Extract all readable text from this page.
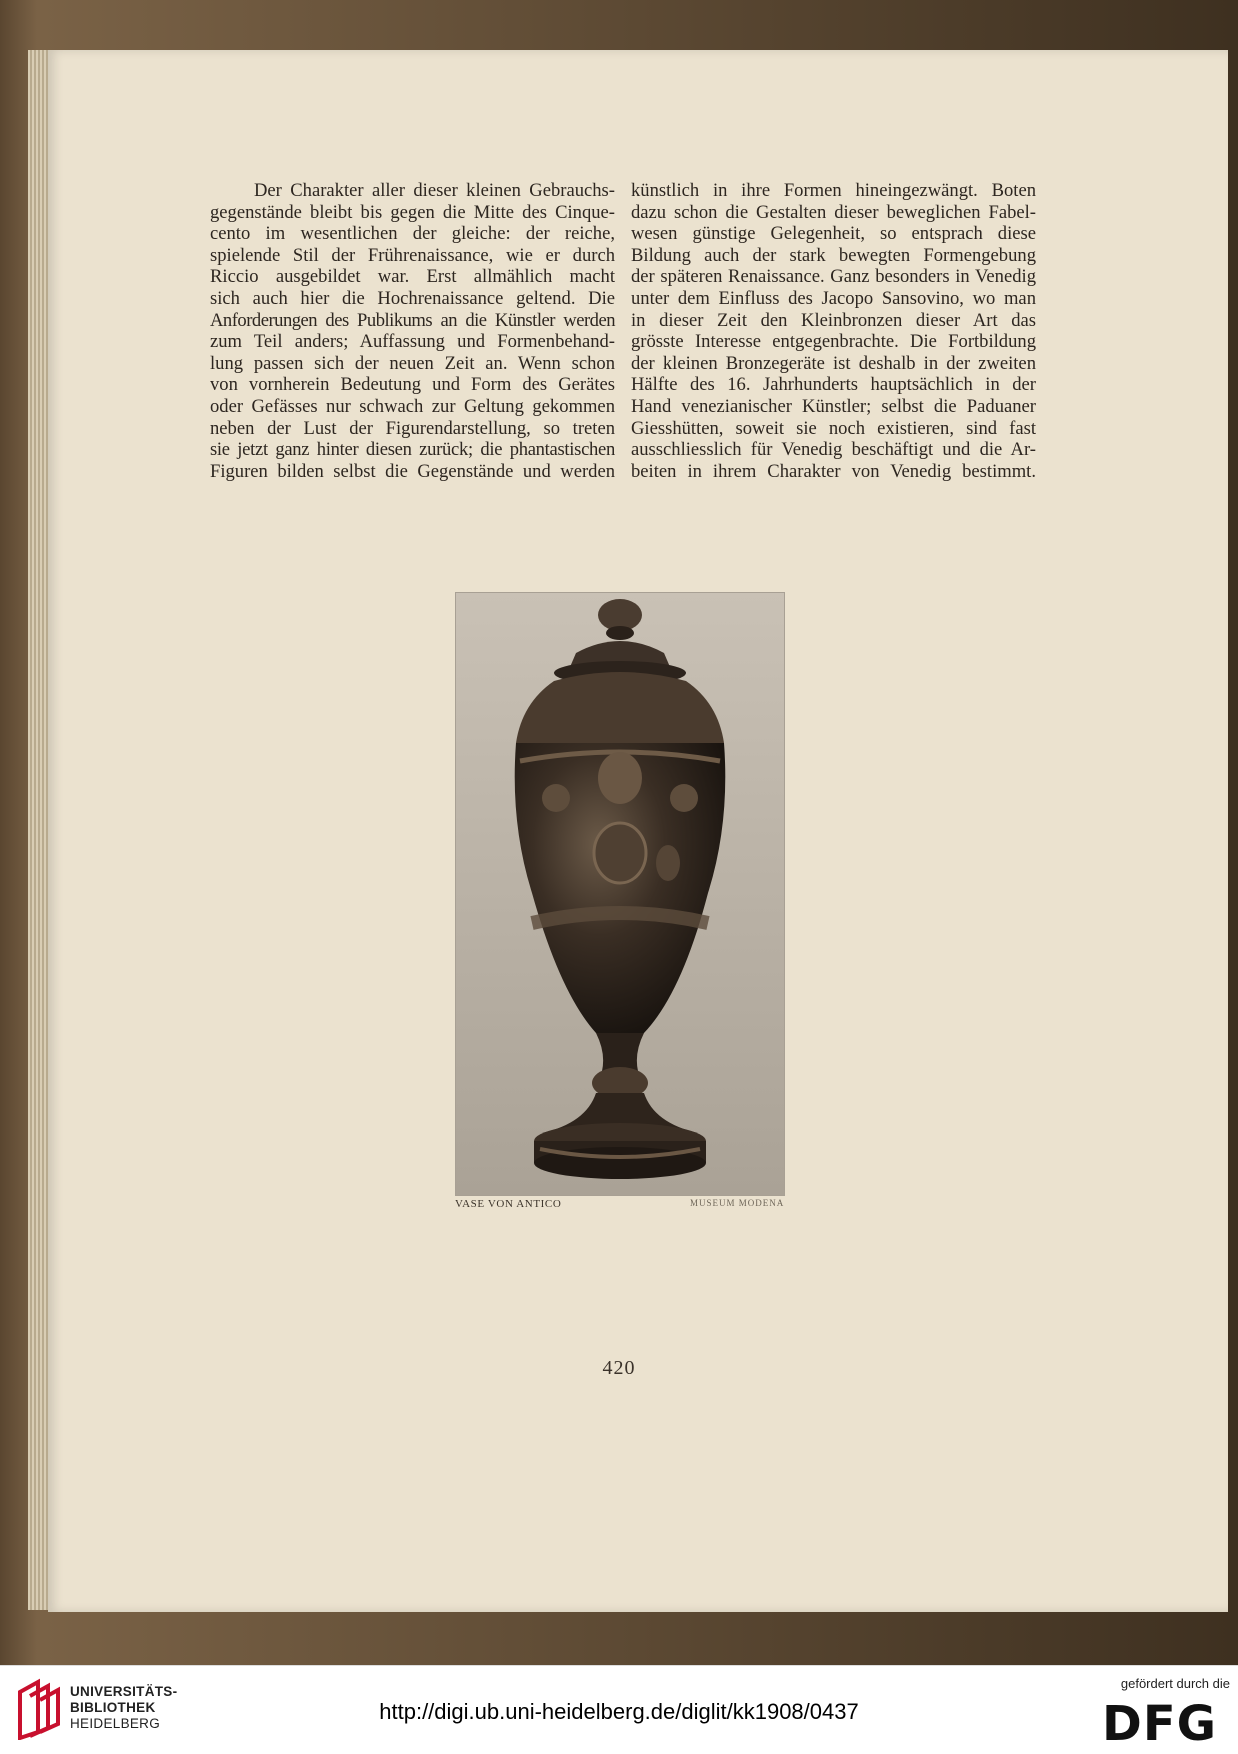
Der Charakter aller dieser kleinen Gebrauchs-

gegenstände bleibt bis gegen die Mitte des Cinque-
cento im wesentlichen der gleiche: der reiche,
spielende Stil der Frührenaissance, wie er durch
Riccio ausgebildet war. Erst allmählich macht
sich auch hier die Hochrenaissance geltend. Die
Anforderungen des Publikums an die Künstler werden
zum Teil anders; Auffassung und Formenbehand-
lung passen sich der neuen Zeit an. Wenn schon
von vornherein Bedeutung und Form des Gerätes
oder Gefässes nur schwach zur Geltung gekommen
neben der Lust der Figurendarstellung, so treten
sie jetzt ganz hinter diesen zurück; die phantastischen
Figuren bilden selbst die Gegenstände und werden
künstlich in ihre Formen hineingezwängt. Boten
dazu schon die Gestalten dieser beweglichen Fabel-
wesen günstige Gelegenheit, so entsprach diese
Bildung auch der stark bewegten Formengebung
der späteren Renaissance. Ganz besonders in Venedig
unter dem Einfluss des Jacopo Sansovino, wo man
in dieser Zeit den Kleinbronzen dieser Art das
grösste Interesse entgegenbrachte. Die Fortbildung
der kleinen Bronzegeräte ist deshalb in der zweiten
Hälfte des 16. Jahrhunderts hauptsächlich in der
Hand venezianischer Künstler; selbst die Paduaner
Giesshütten, soweit sie noch existieren, sind fast
ausschliesslich für Venedig beschäftigt und die Ar-
beiten in ihrem Charakter von Venedig bestimmt.
VASE VON ANTICO	MUSEUM MODENA
420
UNIVERSITÄTS-
BIBLIOTHEK
HEIDELBERG	http://digi.ub.uni-heidelberg.de/diglit/kk1908/0437
gefördert durch die
DFG
